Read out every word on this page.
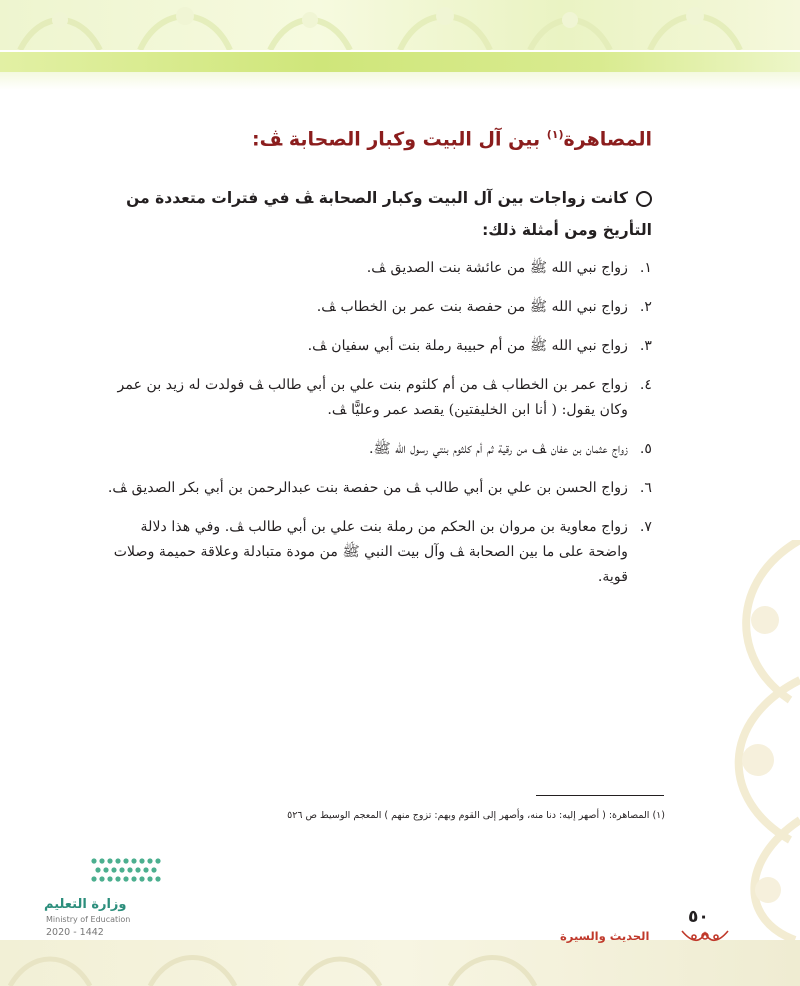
المصاهرة$^{(١)}$ بين آل البيت وكبار الصحابة ﭫ:

كانت زواجات بين آل البيت وكبار الصحابة ﭫ في فترات متعددة من التأريخ ومن أمثلة ذلك:

١.
زواج نبي الله ﷺ من عائشة بنت الصديق ﭫ.
٢.
زواج نبي الله ﷺ من حفصة بنت عمر بن الخطاب ﭫ.
٣.
زواج نبي الله ﷺ من أم حبيبة رملة بنت أبي سفيان ﭫ.
٤.
زواج عمر بن الخطاب ﭫ من أم كلثوم بنت علي بن أبي طالب ﭫ فولدت له زيد بن عمر وكان يقول: ( أنا ابن الخليفتين) يقصد عمر وعليًّا ﭫ.
٥.
زواج عثمان بن عفان ﭫ من رقية ثم أم كلثوم بنتي رسول الله ﷺ.
٦.
زواج الحسن بن علي بن أبي طالب ﭫ من حفصة بنت عبدالرحمن بن أبي بكر الصديق ﭫ.
٧.
زواج معاوية بن مروان بن الحكم من رملة بنت علي بن أبي طالب ﭫ. وفي هذا دلالة واضحة على ما بين الصحابة ﭫ وآل بيت النبي ﷺ من مودة متبادلة وعلاقة حميمة وصلات قوية.
(١) المصاهرة: ( أصهر إليه: دنا منه، وأصهر إلى القوم وبهم: تزوج منهم ) المعجم الوسيط ص ٥٢٦
وزارة التعليم
Ministry of Education
2020 - 1442
٥٠
الحديث والسيرة
